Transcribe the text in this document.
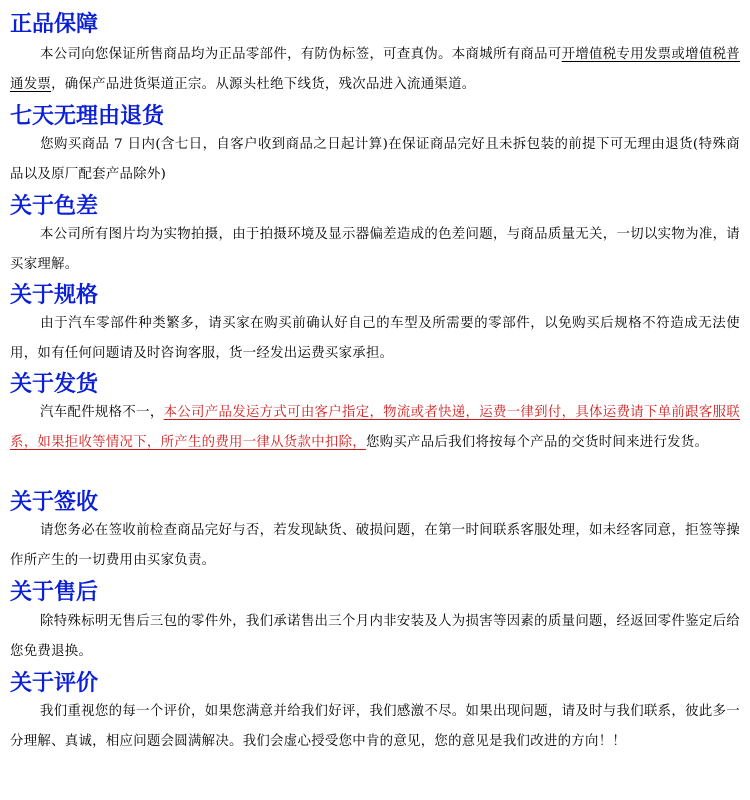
正品保障

本公司向您保证所售商品均为正品零部件，有防伪标签，可查真伪。本商城所有商品可开增值税专用发票或增值税普通发票，确保产品进货渠道正宗。从源头杜绝下线货，残次品进入流通渠道。

七天无理由退货

您购买商品 7 日内(含七日，自客户收到商品之日起计算)在保证商品完好且未拆包装的前提下可无理由退货(特殊商品以及原厂配套产品除外)

关于色差

本公司所有图片均为实物拍摄，由于拍摄环境及显示器偏差造成的色差问题，与商品质量无关，一切以实物为准，请买家理解。

关于规格

由于汽车零部件种类繁多，请买家在购买前确认好自己的车型及所需要的零部件，以免购买后规格不符造成无法使用，如有任何问题请及时咨询客服，货一经发出运费买家承担。

关于发货

汽车配件规格不一，本公司产品发运方式可由客户指定，物流或者快递，运费一律到付，具体运费请下单前跟客服联系，如果拒收等情况下，所产生的费用一律从货款中扣除，您购买产品后我们将按每个产品的交货时间来进行发货。

关于签收

请您务必在签收前检查商品完好与否，若发现缺货、破损问题，在第一时间联系客服处理，如未经客同意，拒签等操作所产生的一切费用由买家负责。

关于售后

除特殊标明无售后三包的零件外，我们承诺售出三个月内非安装及人为损害等因素的质量问题，经返回零件鉴定后给您免费退换。

关于评价

我们重视您的每一个评价，如果您满意并给我们好评，我们感激不尽。如果出现问题，请及时与我们联系，彼此多一分理解、真诚，相应问题会圆满解决。我们会虚心授受您中肯的意见，您的意见是我们改进的方向！！
